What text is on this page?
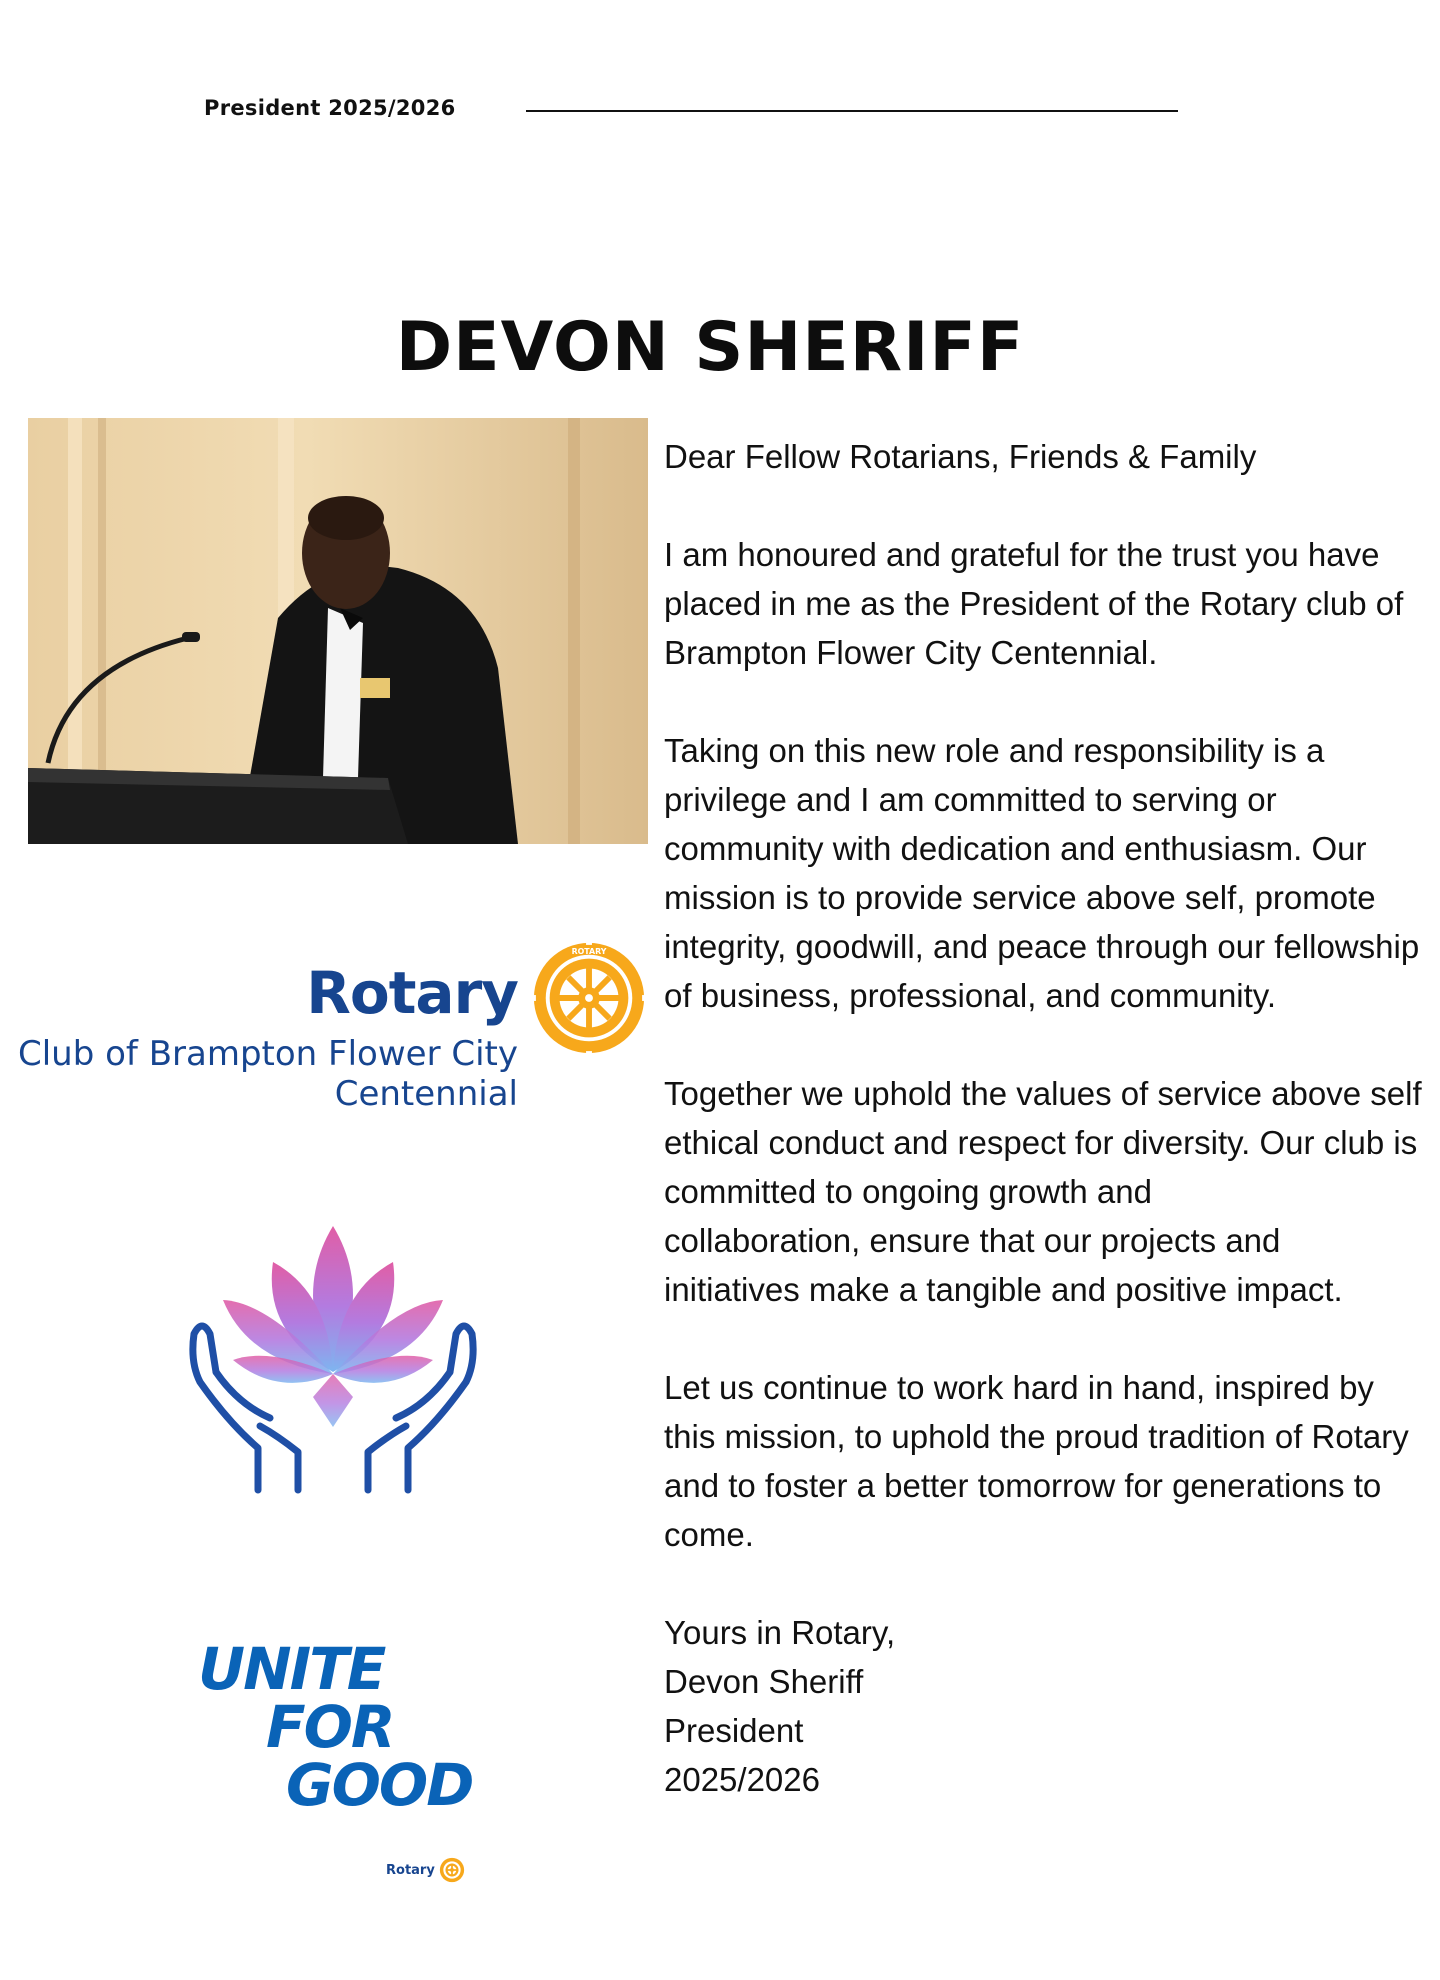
President 2025/2026
DEVON SHERIFF
Rotary
Club of Brampton Flower City
Centennial
ROTARY
UNITE
FOR
GOOD
Rotary

Dear Fellow Rotarians, Friends & Family

I am honoured and grateful for the trust you have placed in me as the President of the Rotary club of Brampton Flower City Centennial.

Taking on this new role and responsibility is a privilege and I am committed to serving or community with dedication and enthusiasm. Our mission is to provide service above self, promote integrity, goodwill, and peace through our fellowship of business, professional, and community.

Together we uphold the values of service above self ethical conduct and respect for diversity. Our club is committed to ongoing growth and

collaboration, ensure that our projects and initiatives make a tangible and positive impact.

Let us continue to work hard in hand, inspired by this mission, to uphold the proud tradition of Rotary and to foster a better tomorrow for generations to come.

Yours in Rotary,
Devon Sheriff
President
2025/2026
